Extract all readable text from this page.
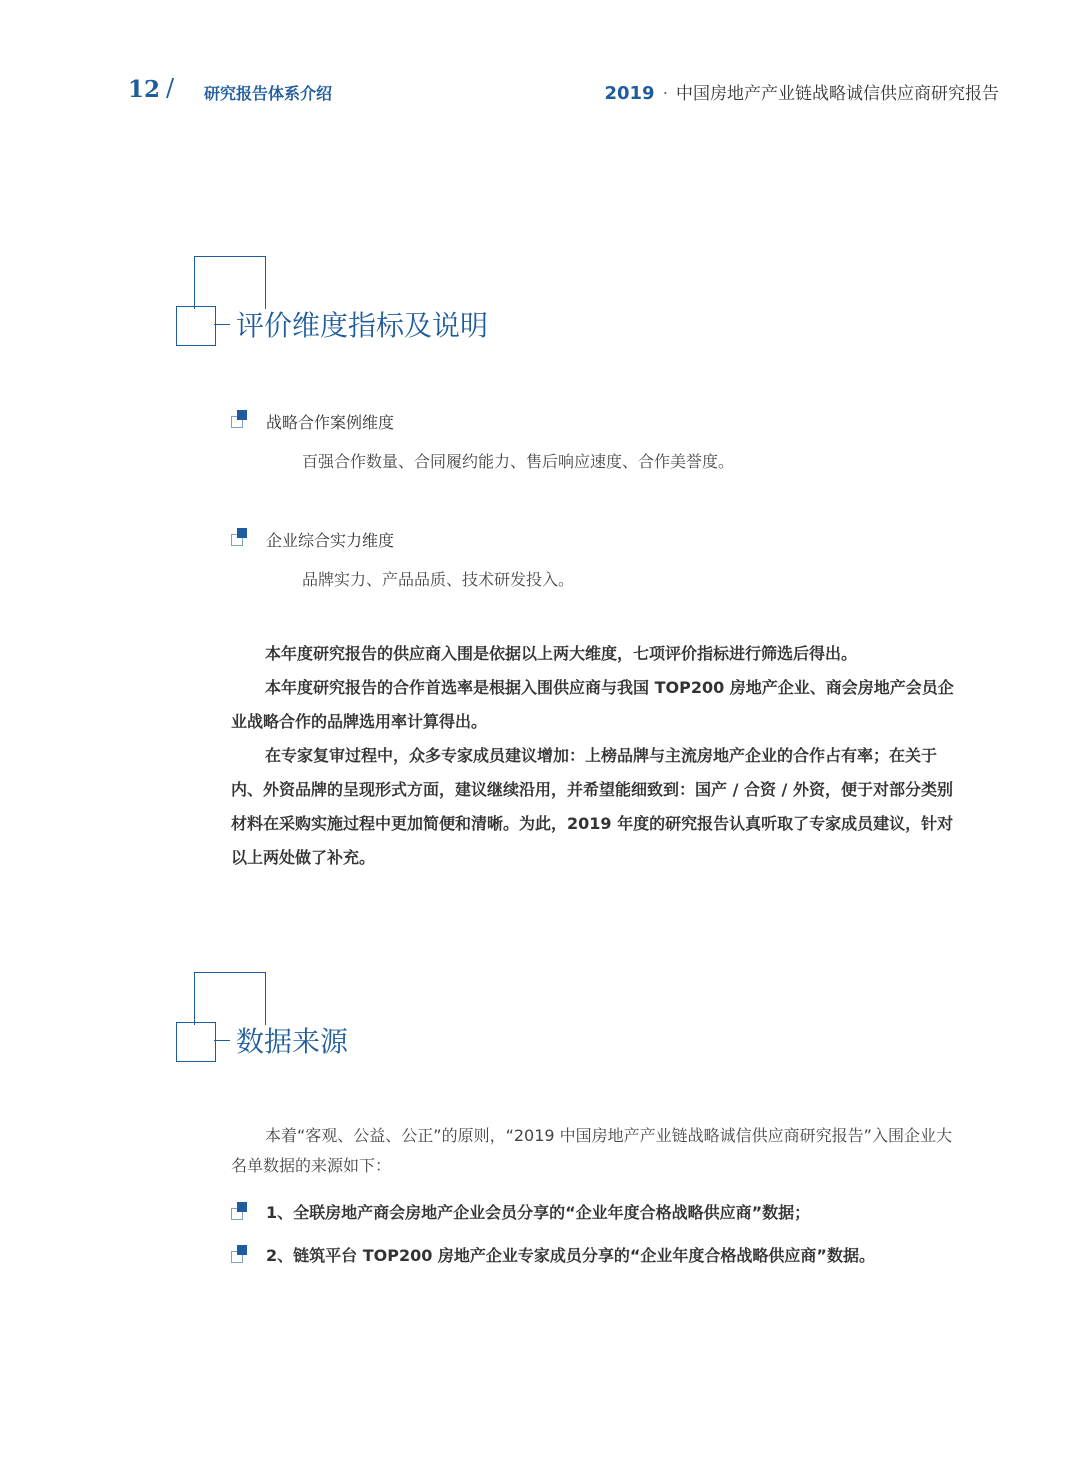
12 / 研究报告体系介绍	2019 · 中国房地产产业链战略诚信供应商研究报告
评价维度指标及说明
战略合作案例维度
百强合作数量、合同履约能力、售后响应速度、合作美誉度。
企业综合实力维度
品牌实力、产品品质、技术研发投入。

本年度研究报告的供应商入围是依据以上两大维度，七项评价指标进行筛选后得出。

本年度研究报告的合作首选率是根据入围供应商与我国 TOP200 房地产企业、商会房地产会员企业战略合作的品牌选用率计算得出。

在专家复审过程中，众多专家成员建议增加：上榜品牌与主流房地产企业的合作占有率；在关于内、外资品牌的呈现形式方面，建议继续沿用，并希望能细致到：国产 / 合资 / 外资，便于对部分类别材料在采购实施过程中更加简便和清晰。为此，2019 年度的研究报告认真听取了专家成员建议，针对以上两处做了补充。

数据来源

本着“客观、公益、公正”的原则，“2019 中国房地产产业链战略诚信供应商研究报告”入围企业大名单数据的来源如下：

1、全联房地产商会房地产企业会员分享的“企业年度合格战略供应商”数据；
2、链筑平台 TOP200 房地产企业专家成员分享的“企业年度合格战略供应商”数据。
